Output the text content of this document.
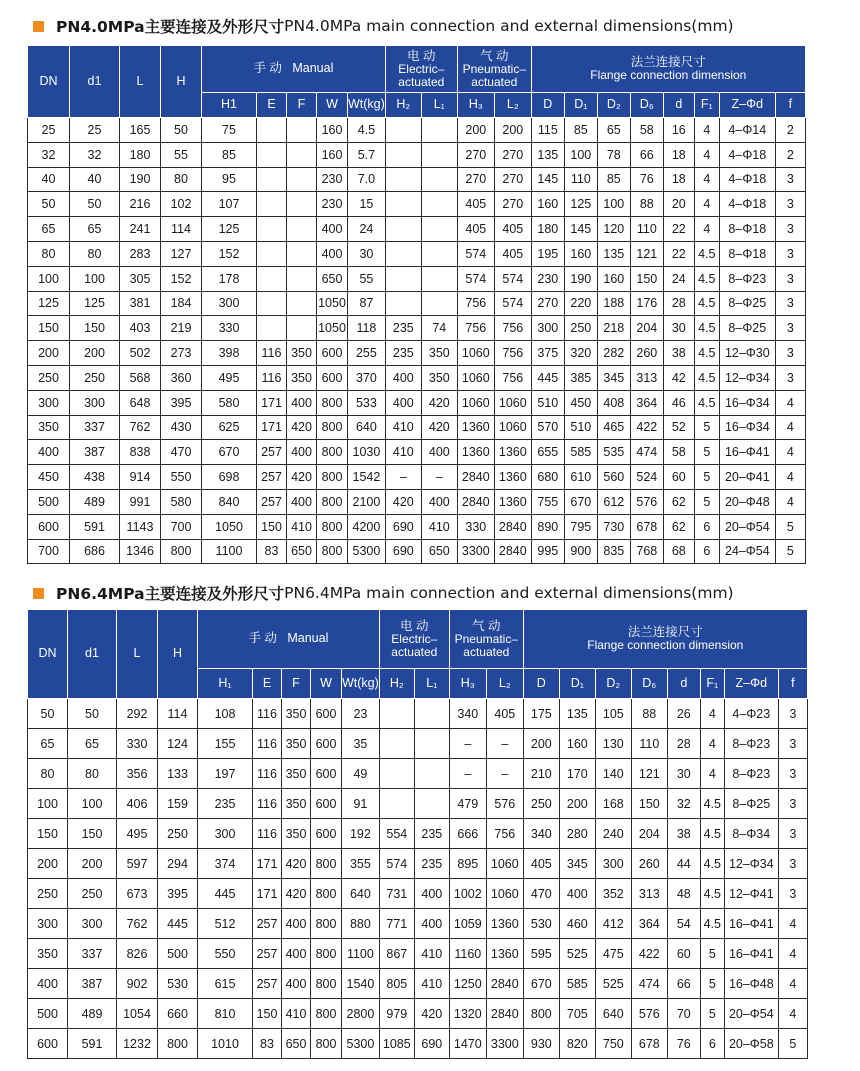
PN4.0MPa主要连接及外形尺寸 PN4.0MPa main connection and external dimensions(mm)
DN	d1	L	H	手 动   Manual					电 动
Electric–
actuated		气 动
Pneumatic–
actuated		法兰连接尺寸
Flange connection dimension							

				H1	E	F	W	Wt(kg)	H₂	L₁	H₃	L₂	D	D₁	D₂	D₆	d	F₁	Z–Φd	f
25	25	165	50	75			160	4.5			200	200	115	85	65	58	16	4	4–Φ14	2
32	32	180	55	85			160	5.7			270	270	135	100	78	66	18	4	4–Φ18	2
40	40	190	80	95			230	7.0			270	270	145	110	85	76	18	4	4–Φ18	3
50	50	216	102	107			230	15			405	270	160	125	100	88	20	4	4–Φ18	3
65	65	241	114	125			400	24			405	405	180	145	120	110	22	4	8–Φ18	3
80	80	283	127	152			400	30			574	405	195	160	135	121	22	4.5	8–Φ18	3
100	100	305	152	178			650	55			574	574	230	190	160	150	24	4.5	8–Φ23	3
125	125	381	184	300			1050	87			756	574	270	220	188	176	28	4.5	8–Φ25	3
150	150	403	219	330			1050	118	235	74	756	756	300	250	218	204	30	4.5	8–Φ25	3
200	200	502	273	398	116	350	600	255	235	350	1060	756	375	320	282	260	38	4.5	12–Φ30	3
250	250	568	360	495	116	350	600	370	400	350	1060	756	445	385	345	313	42	4.5	12–Φ34	3
300	300	648	395	580	171	400	800	533	400	420	1060	1060	510	450	408	364	46	4.5	16–Φ34	4
350	337	762	430	625	171	420	800	640	410	420	1360	1060	570	510	465	422	52	5	16–Φ34	4
400	387	838	470	670	257	400	800	1030	410	400	1360	1360	655	585	535	474	58	5	16–Φ41	4
450	438	914	550	698	257	420	800	1542	–	–	2840	1360	680	610	560	524	60	5	20–Φ41	4
500	489	991	580	840	257	400	800	2100	420	400	2840	1360	755	670	612	576	62	5	20–Φ48	4
600	591	1143	700	1050	150	410	800	4200	690	410	330	2840	890	795	730	678	62	6	20–Φ54	5
700	686	1346	800	1100	83	650	800	5300	690	650	3300	2840	995	900	835	768	68	6	24–Φ54	5
PN6.4MPa主要连接及外形尺寸 PN6.4MPa main connection and external dimensions(mm)
DN	d1	L	H	手 动   Manual					电 动
Electric–
actuated		气 动
Pneumatic–
actuated		法兰连接尺寸
Flange connection dimension							

				H₁	E	F	W	Wt(kg)	H₂	L₁	H₃	L₂	D	D₁	D₂	D₆	d	F₁	Z–Φd	f
50	50	292	114	108	116	350	600	23			340	405	175	135	105	88	26	4	4–Φ23	3
65	65	330	124	155	116	350	600	35			–	–	200	160	130	110	28	4	8–Φ23	3
80	80	356	133	197	116	350	600	49			–	–	210	170	140	121	30	4	8–Φ23	3
100	100	406	159	235	116	350	600	91			479	576	250	200	168	150	32	4.5	8–Φ25	3
150	150	495	250	300	116	350	600	192	554	235	666	756	340	280	240	204	38	4.5	8–Φ34	3
200	200	597	294	374	171	420	800	355	574	235	895	1060	405	345	300	260	44	4.5	12–Φ34	3
250	250	673	395	445	171	420	800	640	731	400	1002	1060	470	400	352	313	48	4.5	12–Φ41	3
300	300	762	445	512	257	400	800	880	771	400	1059	1360	530	460	412	364	54	4.5	16–Φ41	4
350	337	826	500	550	257	400	800	1100	867	410	1160	1360	595	525	475	422	60	5	16–Φ41	4
400	387	902	530	615	257	400	800	1540	805	410	1250	2840	670	585	525	474	66	5	16–Φ48	4
500	489	1054	660	810	150	410	800	2800	979	420	1320	2840	800	705	640	576	70	5	20–Φ54	4
600	591	1232	800	1010	83	650	800	5300	1085	690	1470	3300	930	820	750	678	76	6	20–Φ58	5
